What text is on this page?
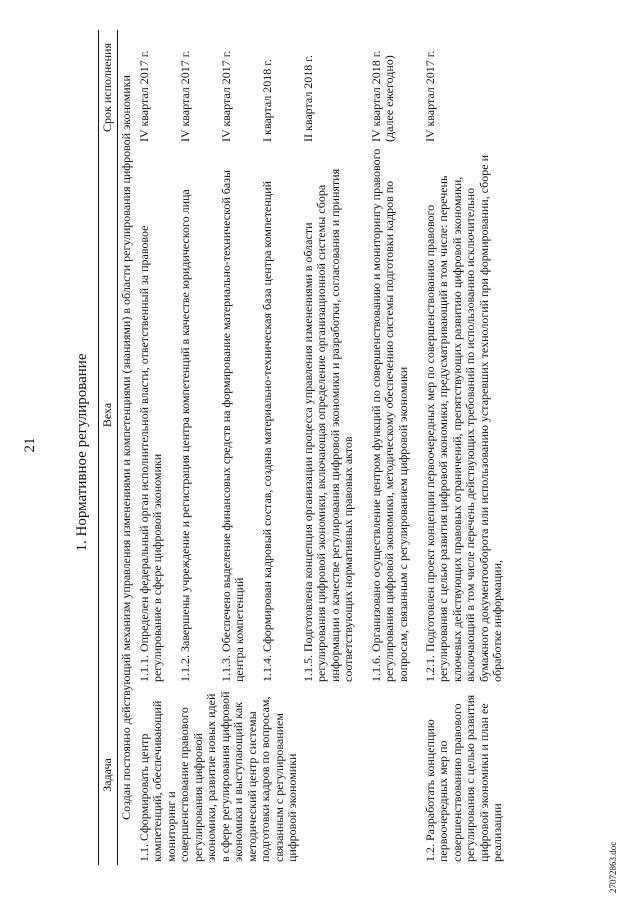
21 1. Нормативное регулирование
Задача	Веха	Срок исполнения
Создан постоянно действующий механизм управления изменениями и компетенциями (знаниями) в области регулирования цифровой экономики		
1.1. Сформировать центр компетенций, обеспечивающий мониторинг и совершенствование правового регулирования цифровой экономики, развитие новых идей в сфере регулирования цифровой экономики и выступающий как методический центр системы подготовки кадров по вопросам, связанным с регулированием цифровой экономики	1.1.1. Определен федеральный орган исполнительной власти, ответственный за правовое регулирование в сфере цифровой экономики	IV квартал 2017 г.
	1.1.2. Завершены учреждение и регистрация центра компетенций в качестве юридического лица	IV квартал 2017 г.
	1.1.3. Обеспечено выделение финансовых средств на формирование материально-технической базы центра компетенций	IV квартал 2017 г.
	1.1.4. Сформирован кадровый состав, создана материально-техническая база центра компетенций	I квартал 2018 г.
	1.1.5. Подготовлена концепция организации процесса управления изменениями в области регулирования цифровой экономики, включающая определение организационной системы сбора информации о качестве регулирования цифровой экономики и разработки, согласования и принятия соответствующих нормативных правовых актов	II квартал 2018 г.
	1.1.6. Организовано осуществление центром функций по совершенствованию и мониторингу правового регулирования цифровой экономики, методическому обеспечению системы подготовки кадров по вопросам, связанным с регулированием цифровой экономики	IV квартал 2018 г. (далее ежегодно)
1.2. Разработать концепцию первоочередных мер по совершенствованию правового регулирования с целью развития цифровой экономики и план ее реализации	1.2.1. Подготовлен проект концепции первоочередных мер по совершенствованию правового регулирования с целью развития цифровой экономики, предусматривающий в том числе: перечень ключевых действующих правовых ограничений, препятствующих развитию цифровой экономики, включающий в том числе перечень действующих требований по использованию исключительно бумажного документооборота или использованию устаревших технологий при формировании, сборе и обработке информации,	IV квартал 2017 г.
27072863.doc
